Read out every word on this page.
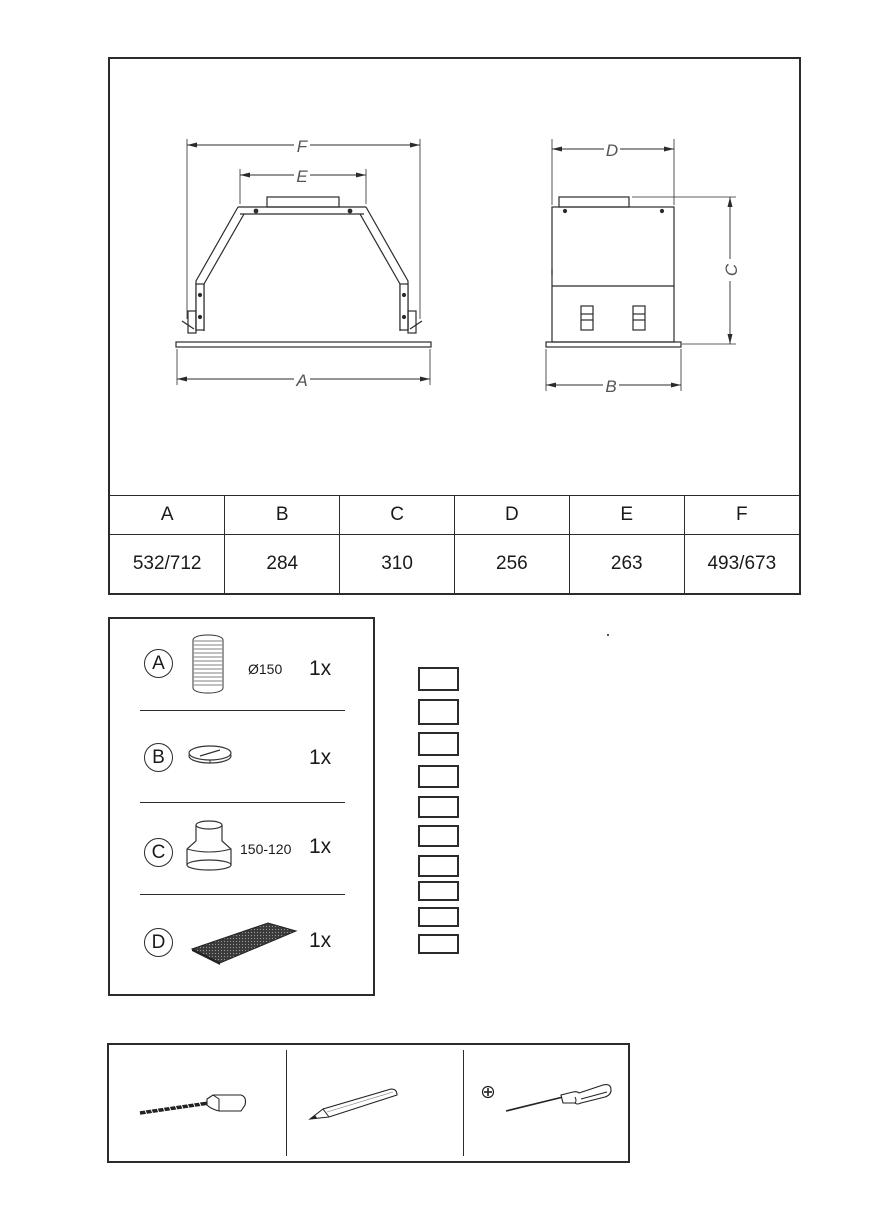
F
E
A
D
B
C
A	B	C	D	E	F
532/712	284	310	256	263	493/673
A	Ø150 1x
B	1x
C	150-120 1x
D	1x
